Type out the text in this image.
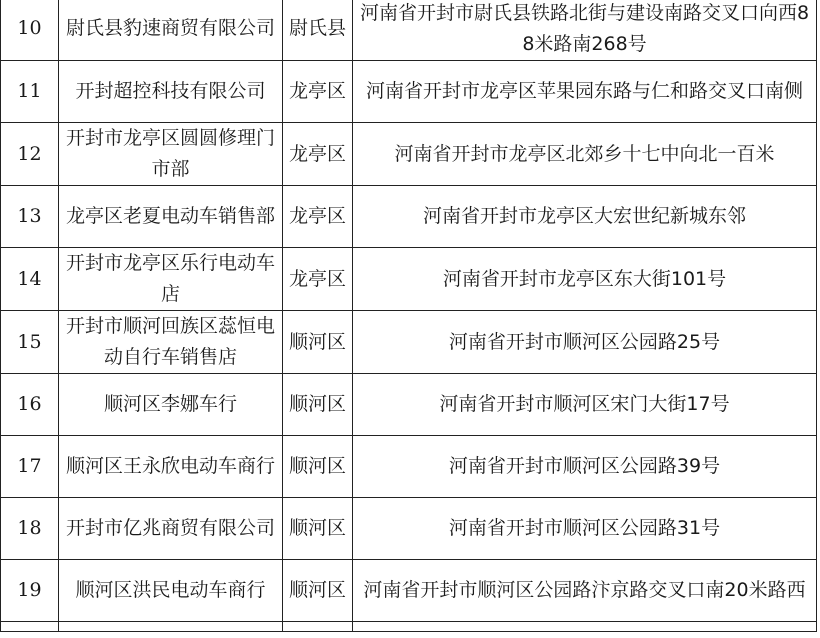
10	尉氏县豹速商贸有限公司	尉氏县	河南省开封市尉氏县铁路北街与建设南路交叉口向西88米路南268号
11	开封超控科技有限公司	龙亭区	河南省开封市龙亭区苹果园东路与仁和路交叉口南侧
12	开封市龙亭区圆圆修理门市部	龙亭区	河南省开封市龙亭区北郊乡十七中向北一百米
13	龙亭区老夏电动车销售部	龙亭区	河南省开封市龙亭区大宏世纪新城东邻
14	开封市龙亭区乐行电动车店	龙亭区	河南省开封市龙亭区东大街101号
15	开封市顺河回族区蕊恒电动自行车销售店	顺河区	河南省开封市顺河区公园路25号
16	顺河区李娜车行	顺河区	河南省开封市顺河区宋门大街17号
17	顺河区王永欣电动车商行	顺河区	河南省开封市顺河区公园路39号
18	开封市亿兆商贸有限公司	顺河区	河南省开封市顺河区公园路31号
19	顺河区洪民电动车商行	顺河区	河南省开封市顺河区公园路汴京路交叉口南20米路西
